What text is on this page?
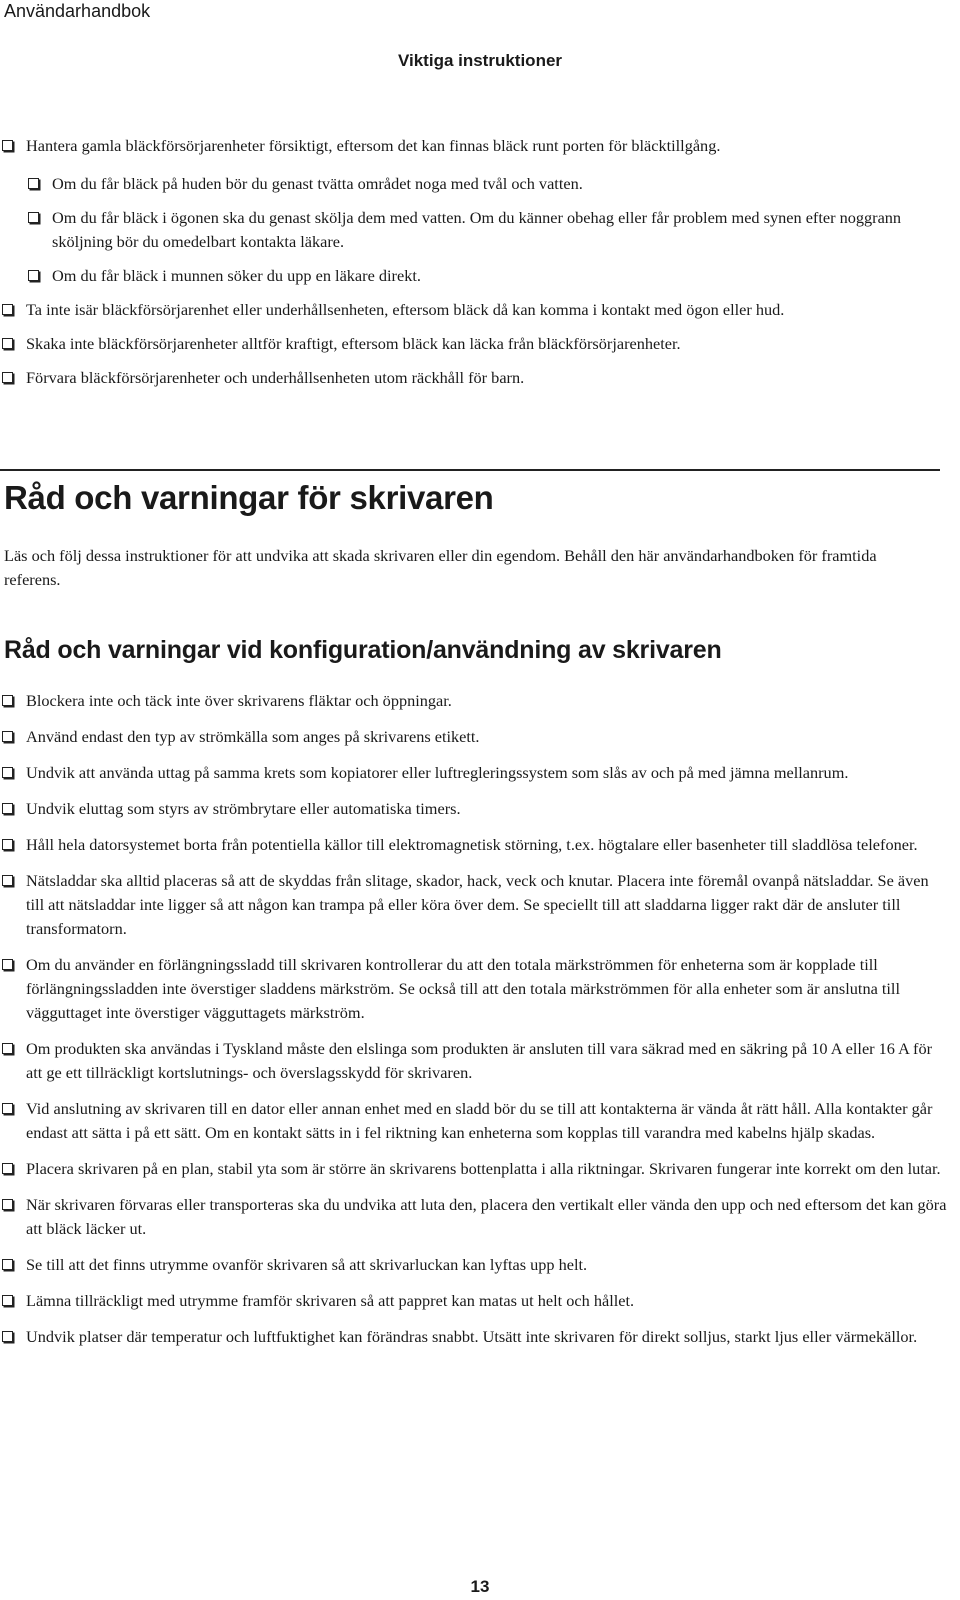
Användarhandbok
Viktiga instruktioner
Hantera gamla bläckförsörjarenheter försiktigt, eftersom det kan finnas bläck runt porten för bläcktillgång.
Om du får bläck på huden bör du genast tvätta området noga med tvål och vatten.
Om du får bläck i ögonen ska du genast skölja dem med vatten. Om du känner obehag eller får problem med synen efter noggrann sköljning bör du omedelbart kontakta läkare.
Om du får bläck i munnen söker du upp en läkare direkt.
Ta inte isär bläckförsörjarenhet eller underhållsenheten, eftersom bläck då kan komma i kontakt med ögon eller hud.
Skaka inte bläckförsörjarenheter alltför kraftigt, eftersom bläck kan läcka från bläckförsörjarenheter.
Förvara bläckförsörjarenheter och underhållsenheten utom räckhåll för barn.
Råd och varningar för skrivaren

Läs och följ dessa instruktioner för att undvika att skada skrivaren eller din egendom. Behåll den här användarhandboken för framtida referens.

Råd och varningar vid konfiguration/användning av skrivaren
Blockera inte och täck inte över skrivarens fläktar och öppningar.
Använd endast den typ av strömkälla som anges på skrivarens etikett.
Undvik att använda uttag på samma krets som kopiatorer eller luftregleringssystem som slås av och på med jämna mellanrum.
Undvik eluttag som styrs av strömbrytare eller automatiska timers.
Håll hela datorsystemet borta från potentiella källor till elektromagnetisk störning, t.ex. högtalare eller basenheter till sladdlösa telefoner.
Nätsladdar ska alltid placeras så att de skyddas från slitage, skador, hack, veck och knutar. Placera inte föremål ovanpå nätsladdar. Se även till att nätsladdar inte ligger så att någon kan trampa på eller köra över dem. Se speciellt till att sladdarna ligger rakt där de ansluter till transformatorn.
Om du använder en förlängningssladd till skrivaren kontrollerar du att den totala märkströmmen för enheterna som är kopplade till förlängningssladden inte överstiger sladdens märkström. Se också till att den totala märkströmmen för alla enheter som är anslutna till vägguttaget inte överstiger vägguttagets märkström.
Om produkten ska användas i Tyskland måste den elslinga som produkten är ansluten till vara säkrad med en säkring på 10 A eller 16 A för att ge ett tillräckligt kortslutnings- och överslagsskydd för skrivaren.
Vid anslutning av skrivaren till en dator eller annan enhet med en sladd bör du se till att kontakterna är vända åt rätt håll. Alla kontakter går endast att sätta i på ett sätt. Om en kontakt sätts in i fel riktning kan enheterna som kopplas till varandra med kabelns hjälp skadas.
Placera skrivaren på en plan, stabil yta som är större än skrivarens bottenplatta i alla riktningar. Skrivaren fungerar inte korrekt om den lutar.
När skrivaren förvaras eller transporteras ska du undvika att luta den, placera den vertikalt eller vända den upp och ned eftersom det kan göra att bläck läcker ut.
Se till att det finns utrymme ovanför skrivaren så att skrivarluckan kan lyftas upp helt.
Lämna tillräckligt med utrymme framför skrivaren så att pappret kan matas ut helt och hållet.
Undvik platser där temperatur och luftfuktighet kan förändras snabbt. Utsätt inte skrivaren för direkt solljus, starkt ljus eller värmekällor.
13
